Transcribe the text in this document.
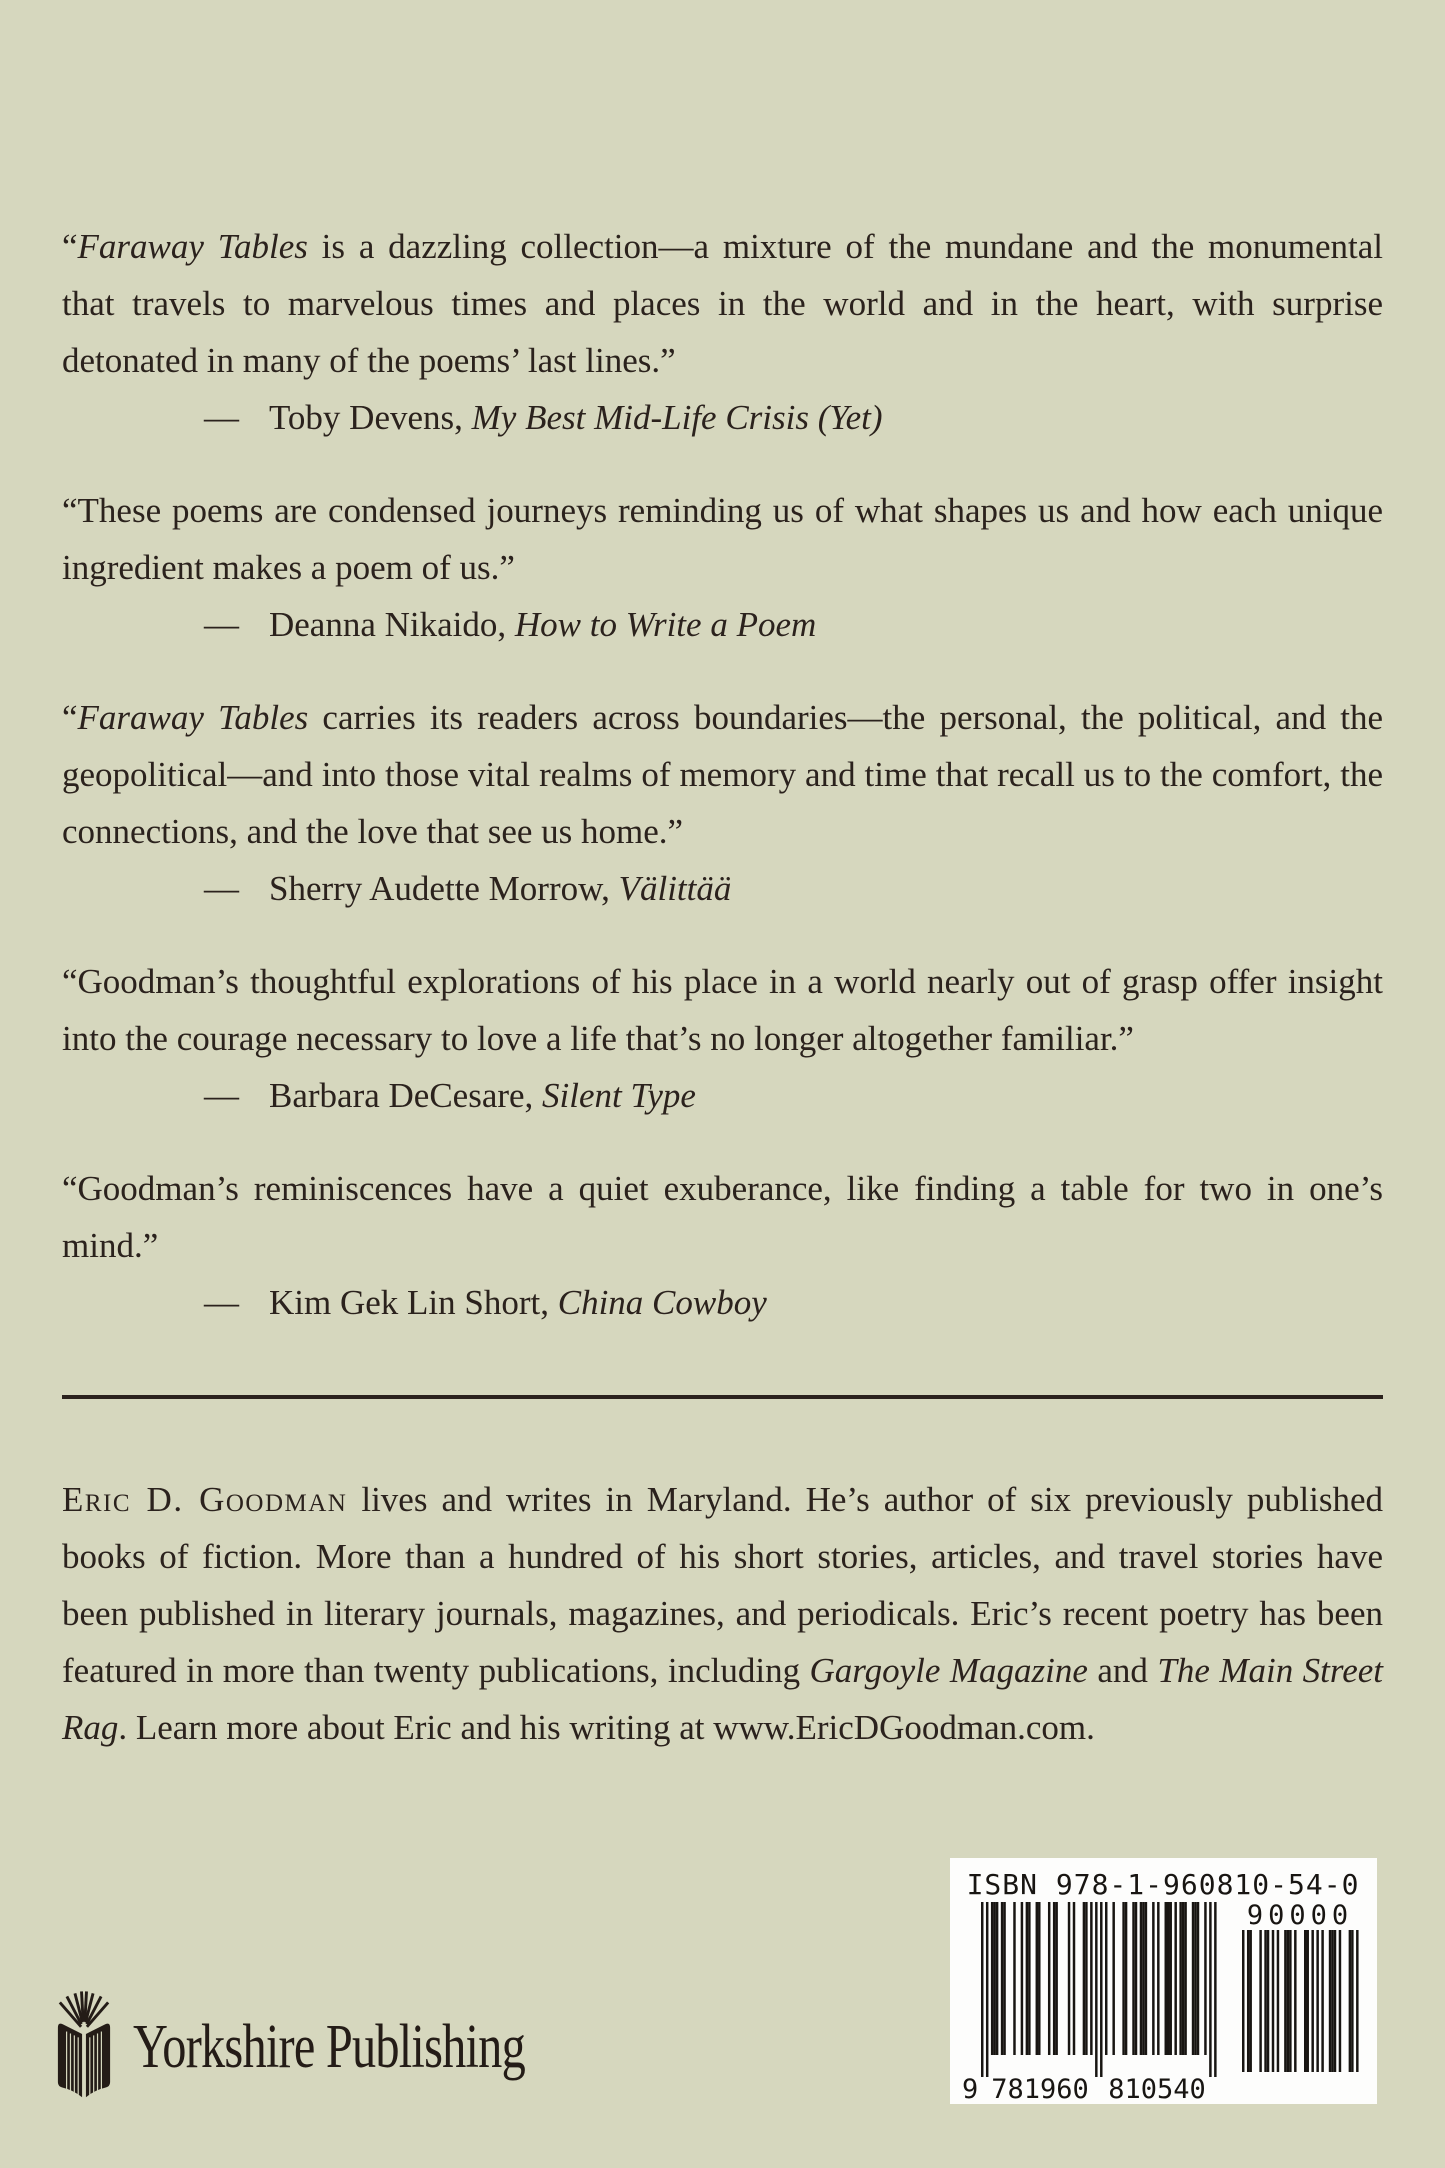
“Faraway Tables is a dazzling collection—a mixture of the mundane and the monumental that travels to marvelous times and places in the world and in the heart, with surprise detonated in many of the poems’ last lines.”

— Toby Devens, My Best Mid-Life Crisis (Yet)

“These poems are condensed journeys reminding us of what shapes us and how each unique ingredient makes a poem of us.”

— Deanna Nikaido, How to Write a Poem

“Faraway Tables carries its readers across boundaries—the personal, the political, and the geopolitical—and into those vital realms of memory and time that recall us to the comfort, the connections, and the love that see us home.”

— Sherry Audette Morrow, Välittää

“Goodman’s thoughtful explorations of his place in a world nearly out of grasp offer insight into the courage necessary to love a life that’s no longer altogether familiar.”

— Barbara DeCesare, Silent Type

“Goodman’s reminiscences have a quiet exuberance, like finding a table for two in one’s mind.”

— Kim Gek Lin Short, China Cowboy

Eric D. Goodman lives and writes in Maryland. He’s author of six previously published books of fiction. More than a hundred of his short stories, articles, and travel stories have been published in literary journals, magazines, and periodicals. Eric’s recent poetry has been featured in more than twenty publications, including Gargoyle Magazine and The Main Street Rag. Learn more about Eric and his writing at www.EricDGoodman.com.

Yorkshire Publishing
ISBN 978-1-960810-54-0
9 781960 810540
90000
